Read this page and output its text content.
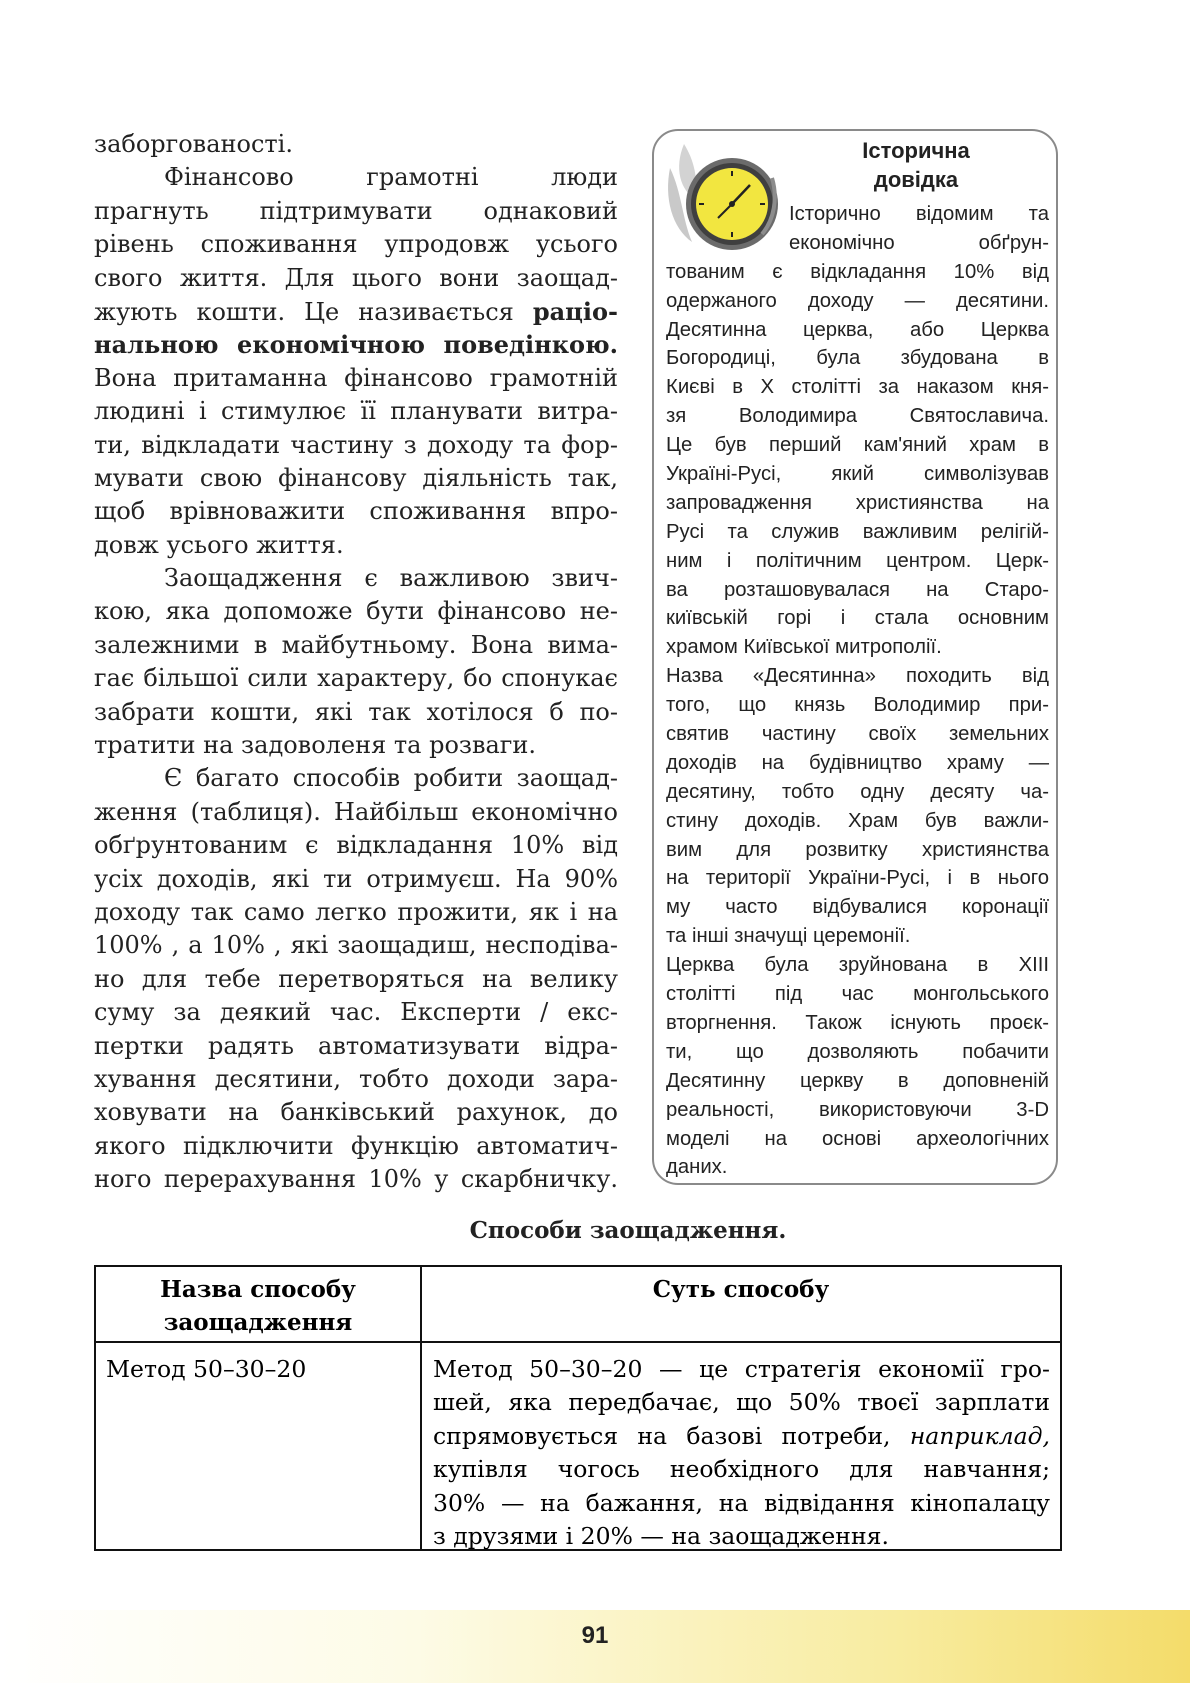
заборгованості.
Фінансово грамотні люди
прагнуть підтримувати однаковий
рівень споживання упродовж усього
свого життя. Для цього вони заощад-
жують кошти. Це називається раціо-
нальною економічною поведінкою.
Вона притаманна фінансово грамотній
людині і стимулює її планувати витра-
ти, відкладати частину з доходу та фор-
мувати свою фінансову діяльність так,
щоб врівноважити споживання впро-
довж усього життя.
Заощадження є важливою звич-
кою, яка допоможе бути фінансово не-
залежними в майбутньому. Вона вима-
гає більшої сили характеру, бо спонукає
забрати кошти, які так хотілося б по-
тратити на задоволеня та розваги.
Є багато способів робити заощад-
ження (таблиця). Найбільш економічно
обґрунтованим є відкладання 10% від
усіх доходів, які ти отримуєш. На 90%
доходу так само легко прожити, як і на
100% , а 10% , які заощадиш, несподіва-
но для тебе перетворяться на велику
суму за деякий час. Експерти / екс-
пертки радять автоматизувати відра-
хування десятини, тобто доходи зара-
ховувати на банківський рахунок, до
якого підключити функцію автоматич-
ного перерахування 10% у скарбничку.
Історична
довідка
Історично відомим та
економічно обґрун-
тованим є відкладання 10% від
одержаного доходу — десятини.
Десятинна церква, або Церква
Богородиці, була збудована в
Києві в X столітті за наказом кня-
зя Володимира Святославича.
Це був перший кам'яний храм в
Україні-Русі, який символізував
запровадження християнства на
Русі та служив важливим релігій-
ним і політичним центром. Церк-
ва розташовувалася на Старо-
київській горі і стала основним
храмом Київської митрополії.
Назва «Десятинна» походить від
того, що князь Володимир при-
святив частину своїх земельних
доходів на будівництво храму —
десятину, тобто одну десяту ча-
стину доходів. Храм був важли-
вим для розвитку християнства
на території України-Русі, і в нього
му часто відбувалися коронації
та інші значущі церемонії.
Церква була зруйнована в XIII
столітті під час монгольського
вторгнення. Також існують проєк-
ти, що дозволяють побачити
Десятинну церкву в доповненій
реальності, використовуючи 3-D
моделі на основі археологічних
даних.
Способи заощадження.
Назва способу
заощадження
Суть способу
Метод 50–30–20	Метод 50–30–20 — це стратегія економії гро-
шей, яка передбачає, що 50% твоєї зарплати
спрямовується на базові потреби, наприклад,
купівля чогось необхідного для навчання;
30% — на бажання, на відвідання кінопалацу
з друзями і 20% — на заощадження.
91
